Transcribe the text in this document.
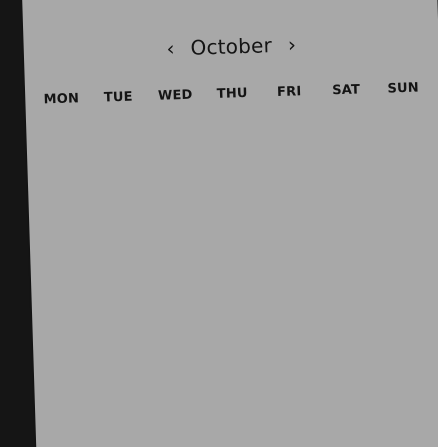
‹ October ›
MON	TUE	WED	THU	FRI	SAT	SUN
